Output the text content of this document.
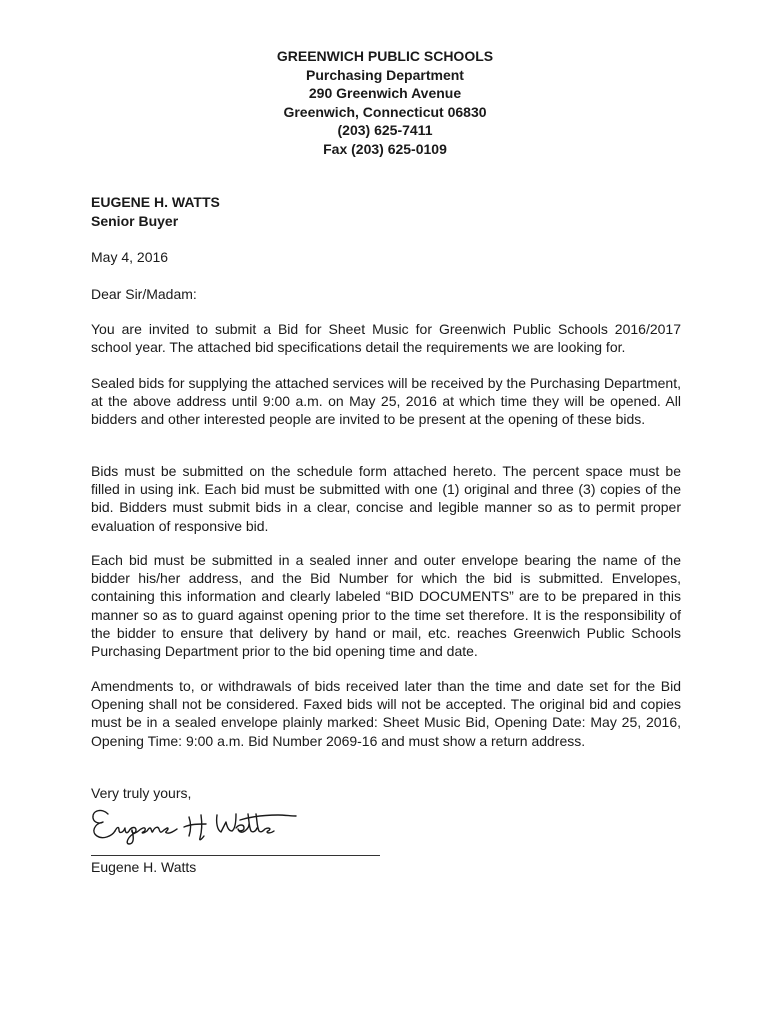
GREENWICH PUBLIC SCHOOLS
Purchasing Department
290 Greenwich Avenue
Greenwich, Connecticut 06830
(203) 625-7411
Fax (203) 625-0109
EUGENE H. WATTS
Senior Buyer
May 4, 2016
Dear Sir/Madam:
You are invited to submit a Bid for Sheet Music for Greenwich Public Schools 2016/2017 school year. The attached bid specifications detail the requirements we are looking for.
Sealed bids for supplying the attached services will be received by the Purchasing Department, at the above address until 9:00 a.m. on May 25, 2016 at which time they will be opened. All bidders and other interested people are invited to be present at the opening of these bids.
Bids must be submitted on the schedule form attached hereto. The percent space must be filled in using ink. Each bid must be submitted with one (1) original and three (3) copies of the bid. Bidders must submit bids in a clear, concise and legible manner so as to permit proper evaluation of responsive bid.
Each bid must be submitted in a sealed inner and outer envelope bearing the name of the bidder his/her address, and the Bid Number for which the bid is submitted. Envelopes, containing this information and clearly labeled “BID DOCUMENTS” are to be prepared in this manner so as to guard against opening prior to the time set therefore. It is the responsibility of the bidder to ensure that delivery by hand or mail, etc. reaches Greenwich Public Schools Purchasing Department prior to the bid opening time and date.
Amendments to, or withdrawals of bids received later than the time and date set for the Bid Opening shall not be considered. Faxed bids will not be accepted. The original bid and copies must be in a sealed envelope plainly marked: Sheet Music Bid, Opening Date: May 25, 2016, Opening Time: 9:00 a.m. Bid Number 2069-16 and must show a return address.
Very truly yours,
Eugene H. Watts
